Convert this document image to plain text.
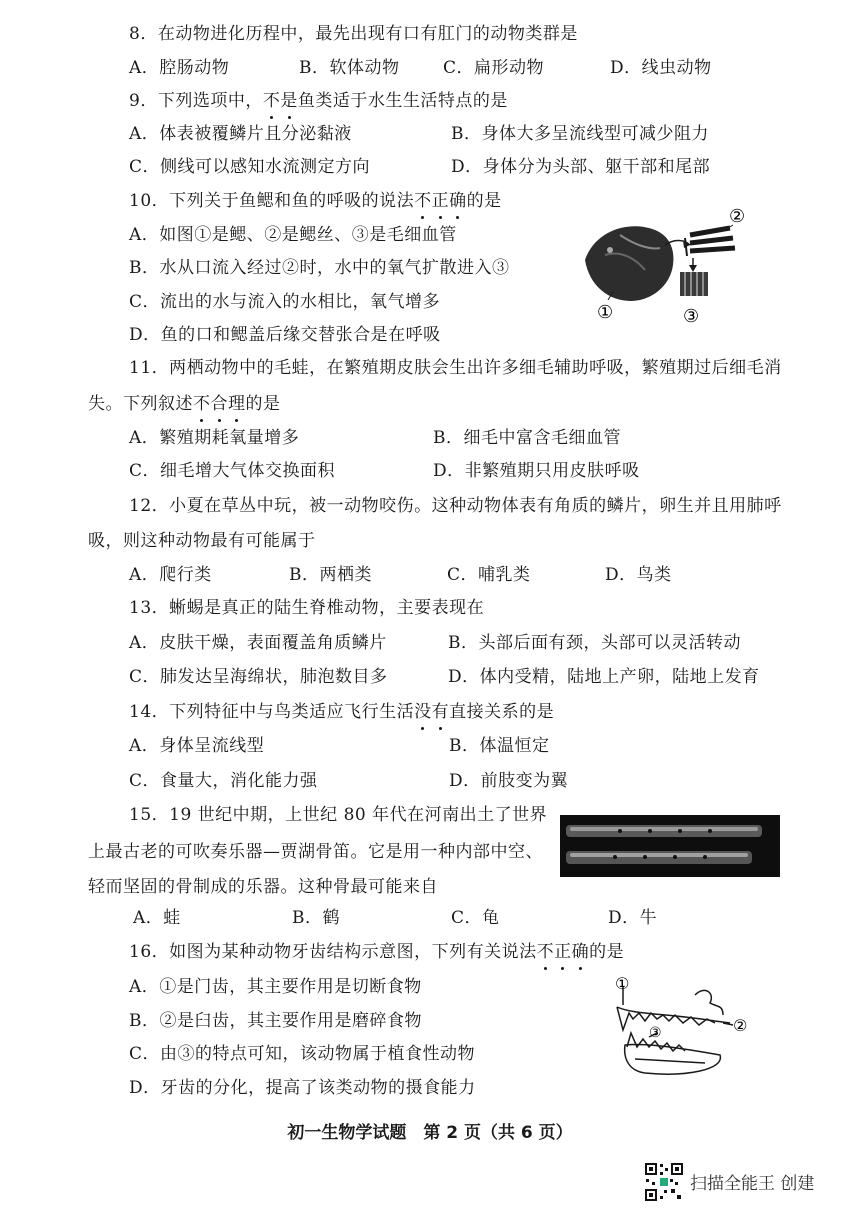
8．在动物进化历程中，最先出现有口有肛门的动物类群是
A．腔肠动物	B．软体动物	C．扁形动物	D．线虫动物
9．下列选项中，不是鱼类适于水生生活特点的是
A．体表被覆鳞片且分泌黏液	B．身体大多呈流线型可减少阻力
C．侧线可以感知水流测定方向	D．身体分为头部、躯干部和尾部
10．下列关于鱼鳃和鱼的呼吸的说法不正确的是
A．如图①是鳃、②是鳃丝、③是毛细血管
B．水从口流入经过②时，水中的氧气扩散进入③
C．流出的水与流入的水相比，氧气增多
D．鱼的口和鳃盖后缘交替张合是在呼吸
②
①	③
11．两栖动物中的毛蛙，在繁殖期皮肤会生出许多细毛辅助呼吸，繁殖期过后细毛消
失。下列叙述不合理的是
A．繁殖期耗氧量增多	B．细毛中富含毛细血管
C．细毛增大气体交换面积	D．非繁殖期只用皮肤呼吸
12．小夏在草丛中玩，被一动物咬伤。这种动物体表有角质的鳞片，卵生并且用肺呼
吸，则这种动物最有可能属于
A．爬行类	B．两栖类	C．哺乳类	D．鸟类
13．蜥蜴是真正的陆生脊椎动物，主要表现在
A．皮肤干燥，表面覆盖角质鳞片	B．头部后面有颈，头部可以灵活转动
C．肺发达呈海绵状，肺泡数目多	D．体内受精，陆地上产卵，陆地上发育
14．下列特征中与鸟类适应飞行生活没有直接关系的是
A．身体呈流线型	B．体温恒定
C．食量大，消化能力强	D．前肢变为翼
15．19 世纪中期，上世纪 80 年代在河南出土了世界
上最古老的可吹奏乐器—贾湖骨笛。它是用一种内部中空、
轻而坚固的骨制成的乐器。这种骨最可能来自
A．蛙	B．鹤	C．龟	D．牛
16．如图为某种动物牙齿结构示意图，下列有关说法不正确的是
A．①是门齿，其主要作用是切断食物
B．②是臼齿，其主要作用是磨碎食物
C．由③的特点可知，该动物属于植食性动物
D．牙齿的分化，提高了该类动物的摄食能力
①
②
③
初一生物学试题　第 2 页（共 6 页）
扫描全能王 创建
